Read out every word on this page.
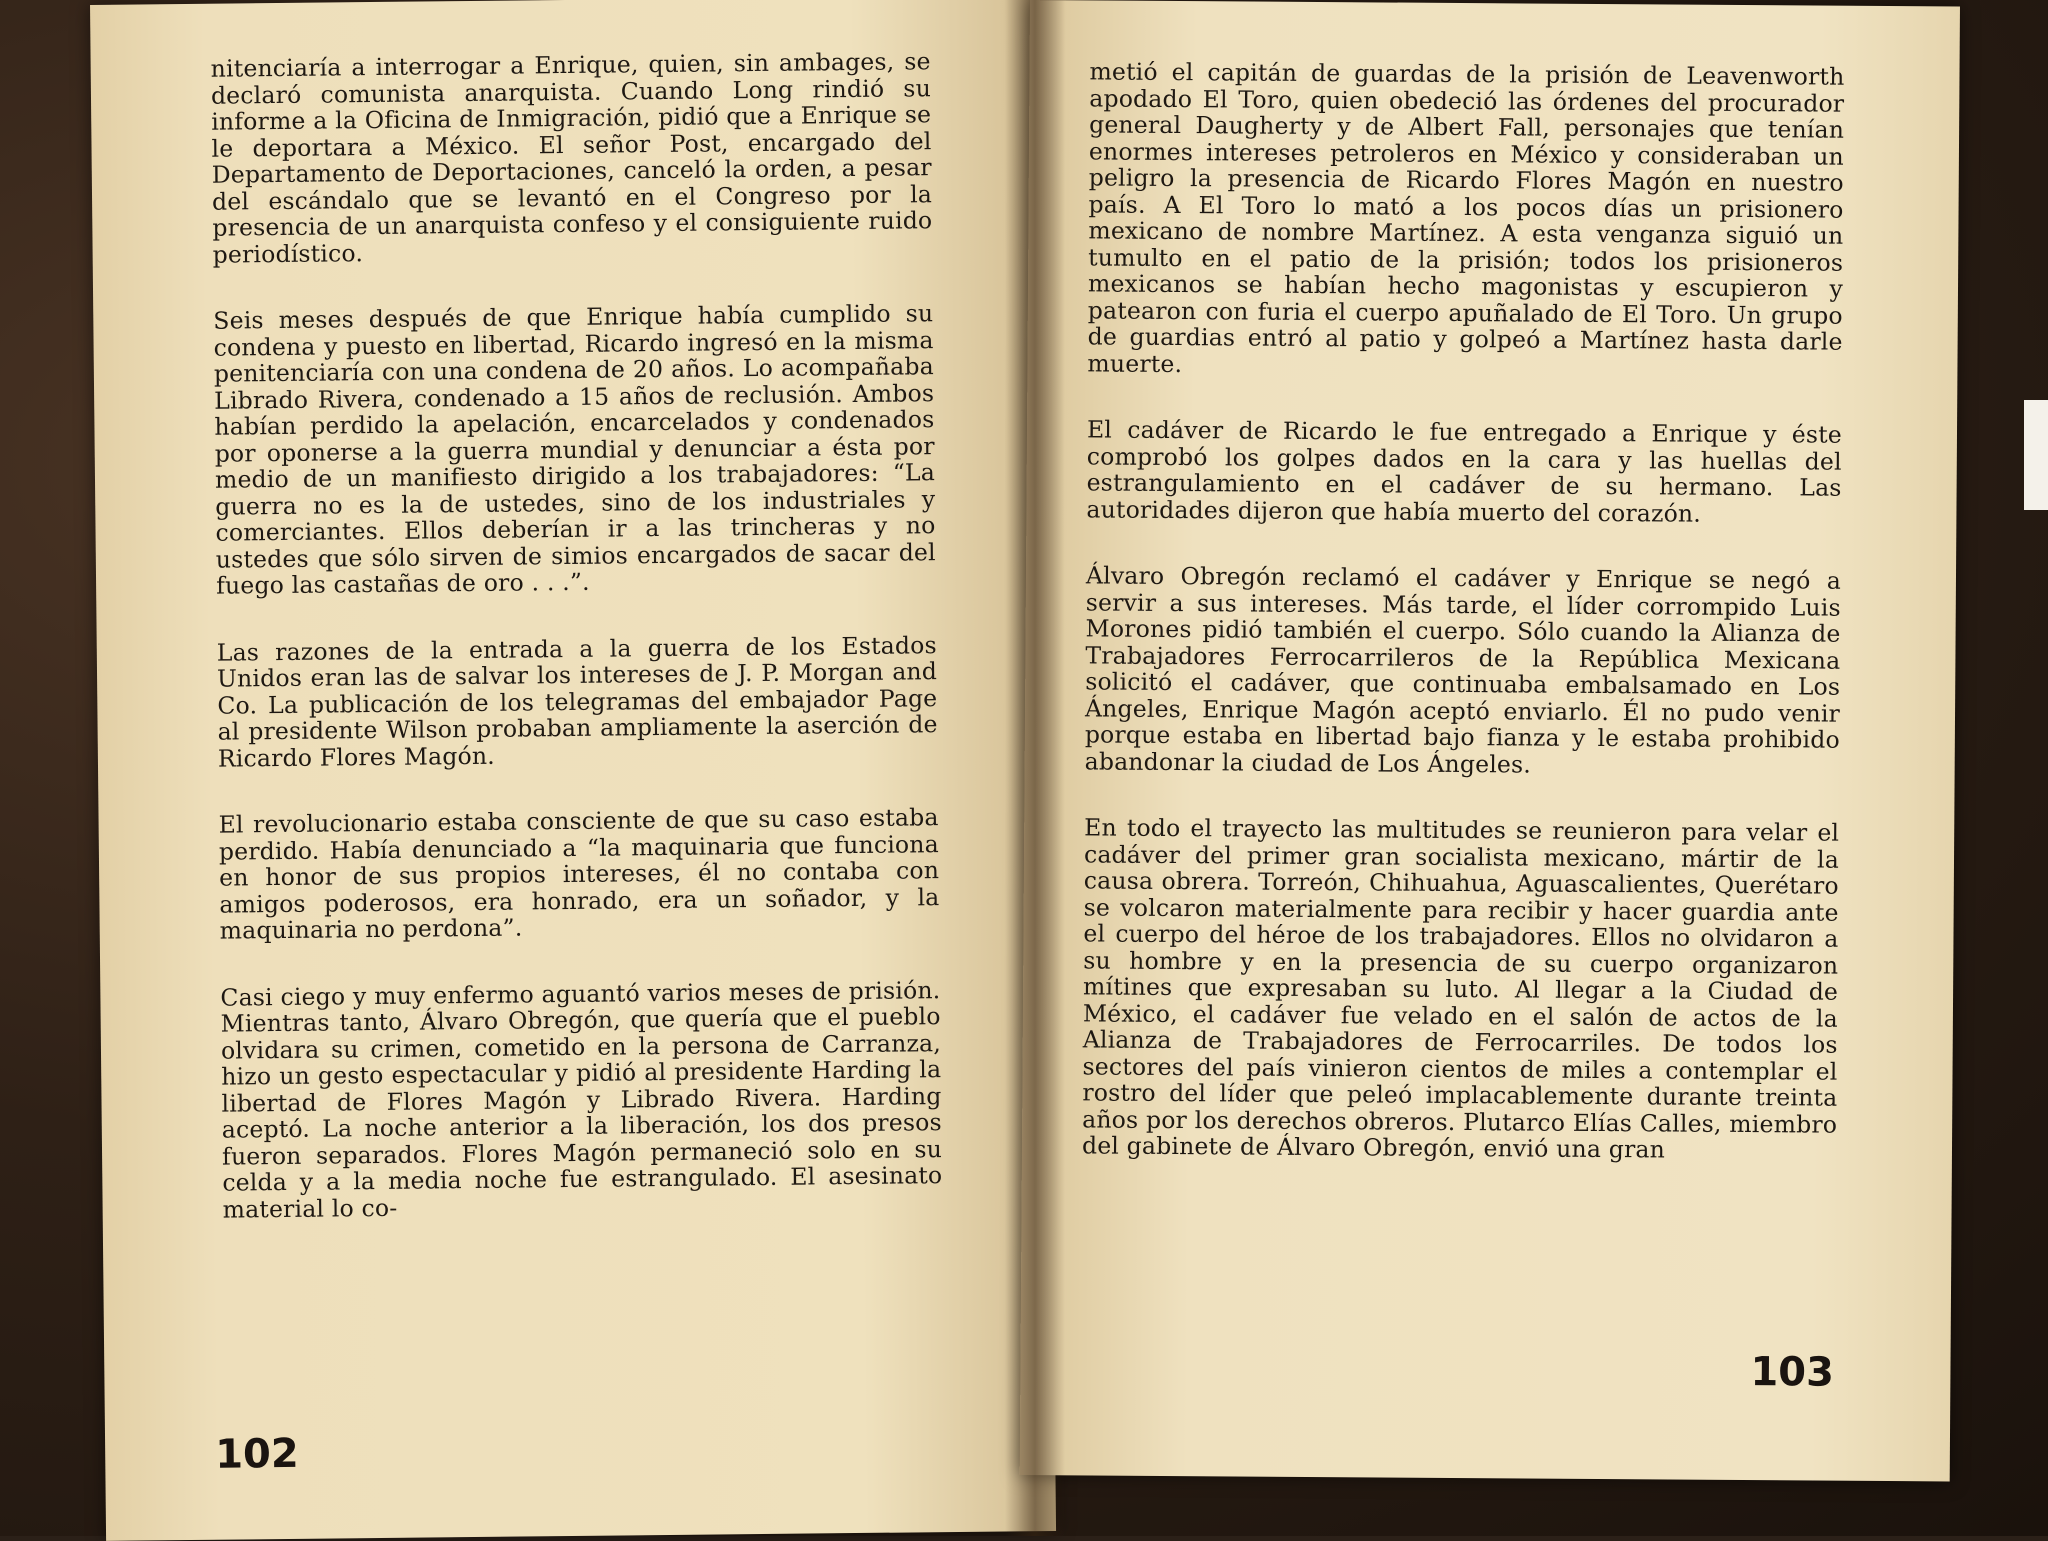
nitenciaría a interrogar a Enrique, quien, sin ambages, se declaró comunista anarquista. Cuando Long rindió su informe a la Oficina de Inmigración, pidió que a Enrique se le deportara a México. El señor Post, encargado del Departamento de Deportaciones, canceló la orden, a pesar del escándalo que se levantó en el Congreso por la presencia de un anarquista confeso y el consiguiente ruido periodístico.

Seis meses después de que Enrique había cumplido su condena y puesto en libertad, Ricardo ingresó en la misma penitenciaría con una condena de 20 años. Lo acompañaba Librado Rivera, condenado a 15 años de reclusión. Ambos habían perdido la apelación, encarcelados y condenados por oponerse a la guerra mundial y denunciar a ésta por medio de un manifiesto dirigido a los trabajadores: “La guerra no es la de ustedes, sino de los industriales y comerciantes. Ellos deberían ir a las trincheras y no ustedes que sólo sirven de simios encargados de sacar del fuego las castañas de oro . . .”.

Las razones de la entrada a la guerra de los Estados Unidos eran las de salvar los intereses de J. P. Morgan and Co. La publicación de los telegramas del embajador Page al presidente Wilson probaban ampliamente la aserción de Ricardo Flores Magón.

El revolucionario estaba consciente de que su caso estaba perdido. Había denunciado a “la maquinaria que funciona en honor de sus propios intereses, él no contaba con amigos poderosos, era honrado, era un soñador, y la maquinaria no perdona”.

Casi ciego y muy enfermo aguantó varios meses de prisión. Mientras tanto, Álvaro Obregón, que quería que el pueblo olvidara su crimen, cometido en la persona de Carranza, hizo un gesto espectacular y pidió al presidente Harding la libertad de Flores Magón y Librado Rivera. Harding aceptó. La noche anterior a la liberación, los dos presos fueron separados. Flores Magón permaneció solo en su celda y a la media noche fue estrangulado. El asesinato material lo co-

102

metió el capitán de guardas de la prisión de Leavenworth apodado El Toro, quien obedeció las órdenes del procurador general Daugherty y de Albert Fall, personajes que tenían enormes intereses petroleros en México y consideraban un peligro la presencia de Ricardo Flores Magón en nuestro país. A El Toro lo mató a los pocos días un prisionero mexicano de nombre Martínez. A esta venganza siguió un tumulto en el patio de la prisión; todos los prisioneros mexicanos se habían hecho magonistas y escupieron y patearon con furia el cuerpo apuñalado de El Toro. Un grupo de guardias entró al patio y golpeó a Martínez hasta darle muerte.

El cadáver de Ricardo le fue entregado a Enrique y éste comprobó los golpes dados en la cara y las huellas del estrangulamiento en el cadáver de su hermano. Las autoridades dijeron que había muerto del corazón.

Álvaro Obregón reclamó el cadáver y Enrique se negó a servir a sus intereses. Más tarde, el líder corrompido Luis Morones pidió también el cuerpo. Sólo cuando la Alianza de Trabajadores Ferrocarrileros de la República Mexicana solicitó el cadáver, que continuaba embalsamado en Los Ángeles, Enrique Magón aceptó enviarlo. Él no pudo venir porque estaba en libertad bajo fianza y le estaba prohibido abandonar la ciudad de Los Ángeles.

En todo el trayecto las multitudes se reunieron para velar el cadáver del primer gran socialista mexicano, mártir de la causa obrera. Torreón, Chihuahua, Aguascalientes, Querétaro se volcaron materialmente para recibir y hacer guardia ante el cuerpo del héroe de los trabajadores. Ellos no olvidaron a su hombre y en la presencia de su cuerpo organizaron mítines que expresaban su luto. Al llegar a la Ciudad de México, el cadáver fue velado en el salón de actos de la Alianza de Trabajadores de Ferrocarriles. De todos los sectores del país vinieron cientos de miles a contemplar el rostro del líder que peleó implacablemente durante treinta años por los derechos obreros. Plutarco Elías Calles, miembro del gabinete de Álvaro Obregón, envió una gran

103
